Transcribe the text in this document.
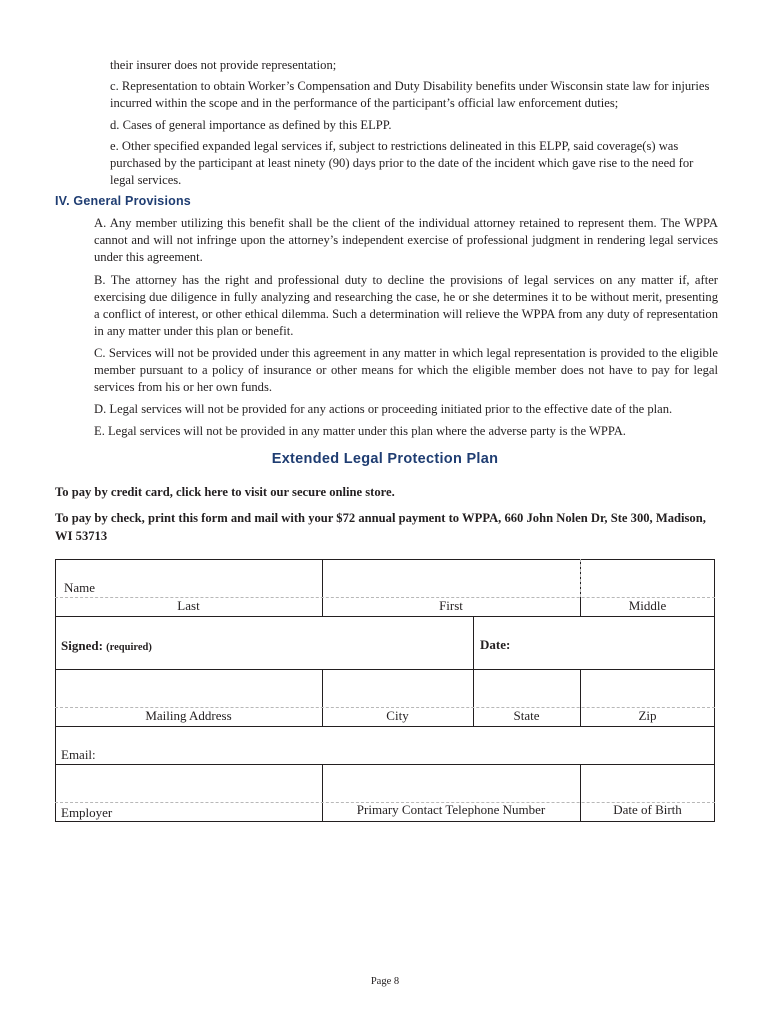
their insurer does not provide representation;

c. Representation to obtain Worker’s Compensation and Duty Disability benefits under Wisconsin state law for injuries incurred within the scope and in the performance of the participant’s official law enforcement duties;

d. Cases of general importance as defined by this ELPP.

e. Other specified expanded legal services if, subject to restrictions delineated in this ELPP, said coverage(s) was purchased by the participant at least ninety (90) days prior to the date of the incident which gave rise to the need for legal services.

IV. General Provisions

A. Any member utilizing this benefit shall be the client of the individual attorney retained to represent them. The WPPA cannot and will not infringe upon the attorney’s independent exercise of professional judgment in rendering legal services under this agreement.

B. The attorney has the right and professional duty to decline the provisions of legal services on any matter if, after exercising due diligence in fully analyzing and researching the case, he or she determines it to be without merit, presenting a conflict of interest, or other ethical dilemma. Such a determination will relieve the WPPA from any duty of representation in any matter under this plan or benefit.

C. Services will not be provided under this agreement in any matter in which legal representation is provided to the eligible member pursuant to a policy of insurance or other means for which the eligible member does not have to pay for legal services from his or her own funds.

D. Legal services will not be provided for any actions or proceeding initiated prior to the effective date of the plan.

E. Legal services will not be provided in any matter under this plan where the adverse party is the WPPA.

Extended Legal Protection Plan
To pay by credit card, click here to visit our secure online store.
To pay by check, print this form and mail with your $72 annual payment to WPPA, 660 John Nolen Dr, Ste 300, Madison, WI 53713
Name
Last	First	Middle
Signed: (required)	Date:
Mailing Address	City	State	Zip
Email:
Employer	Primary Contact Telephone Number	Date of Birth
Page 8
